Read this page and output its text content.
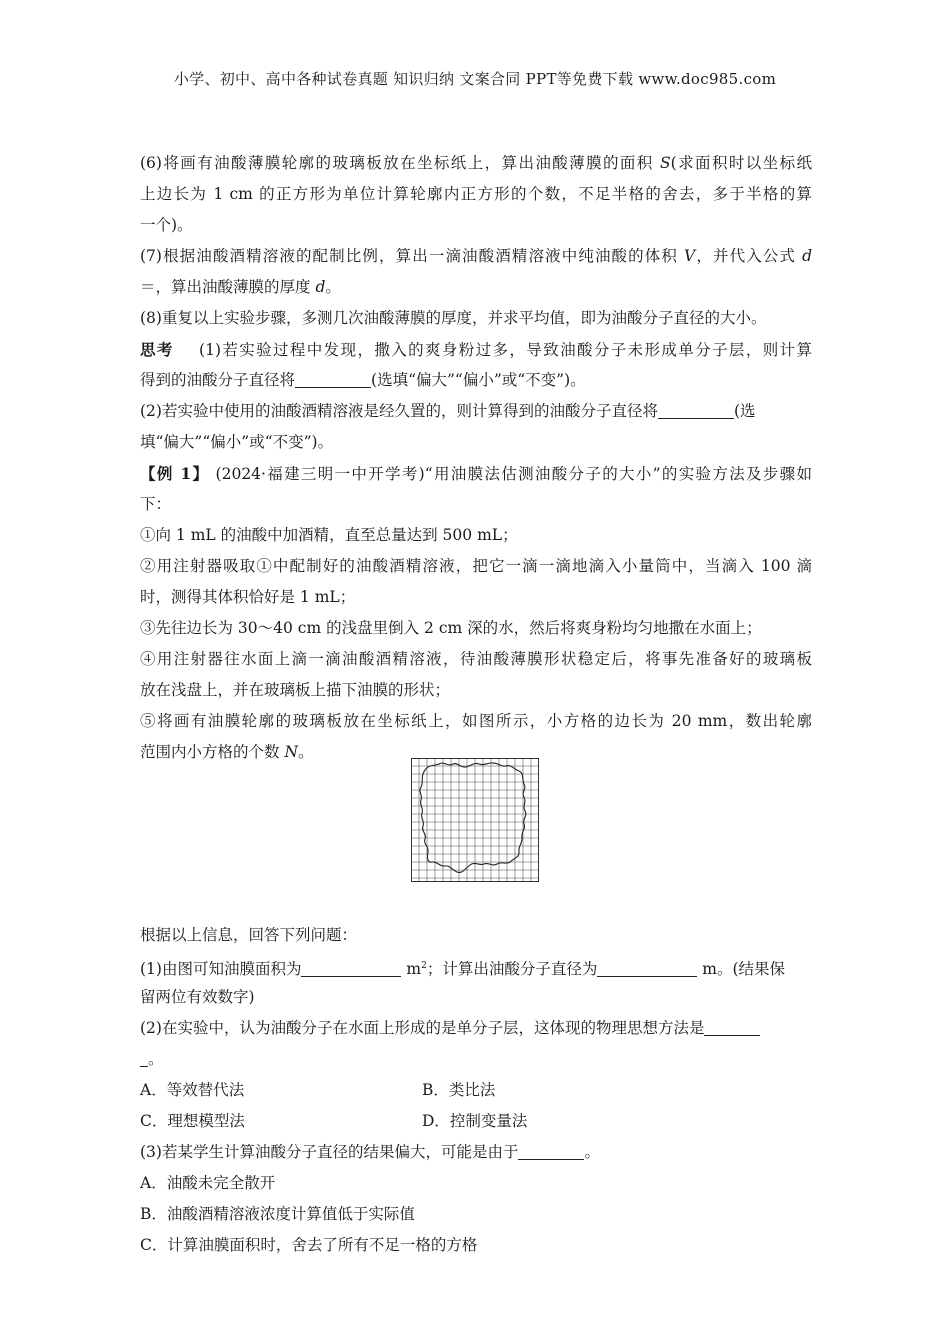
小学、初中、高中各种试卷真题 知识归纳 文案合同 PPT等免费下载 www.doc985.com
(6)将画有油酸薄膜轮廓的玻璃板放在坐标纸上，算出油酸薄膜的面积 S(求面积时以坐标纸
上边长为 1 cm 的正方形为单位计算轮廓内正方形的个数，不足半格的舍去，多于半格的算
一个)。
(7)根据油酸酒精溶液的配制比例，算出一滴油酸酒精溶液中纯油酸的体积 V，并代入公式 d
＝，算出油酸薄膜的厚度 d。
(8)重复以上实验步骤，多测几次油酸薄膜的厚度，并求平均值，即为油酸分子直径的大小。
思考 (1)若实验过程中发现，撒入的爽身粉过多，导致油酸分子未形成单分子层，则计算
得到的油酸分子直径将	(选填“偏大”“偏小”或“不变”)。
(2)若实验中使用的油酸酒精溶液是经久置的，则计算得到的油酸分子直径将	(选
填“偏大”“偏小”或“不变”)。
【例 1】 (2024·福建三明一中开学考)“用油膜法估测油酸分子的大小”的实验方法及步骤如
下：
①向 1 mL 的油酸中加酒精，直至总量达到 500 mL；
②用注射器吸取①中配制好的油酸酒精溶液，把它一滴一滴地滴入小量筒中，当滴入 100 滴
时，测得其体积恰好是 1 mL；
③先往边长为 30～40 cm 的浅盘里倒入 2 cm 深的水，然后将爽身粉均匀地撒在水面上；
④用注射器往水面上滴一滴油酸酒精溶液，待油酸薄膜形状稳定后，将事先准备好的玻璃板
放在浅盘上，并在玻璃板上描下油膜的形状；
⑤将画有油膜轮廓的玻璃板放在坐标纸上，如图所示，小方格的边长为 20 mm，数出轮廓
范围内小方格的个数 N。
根据以上信息，回答下列问题：
(1)由图可知油膜面积为	$m^2$；计算出油酸分子直径为	m。(结果保
留两位有效数字)
(2)在实验中，认为油酸分子在水面上形成的是单分子层，这体现的物理思想方法是
。
A．等效替代法	B．类比法
C．理想模型法	D．控制变量法
(3)若某学生计算油酸分子直径的结果偏大，可能是由于	。
A．油酸未完全散开
B．油酸酒精溶液浓度计算值低于实际值
C．计算油膜面积时，舍去了所有不足一格的方格
